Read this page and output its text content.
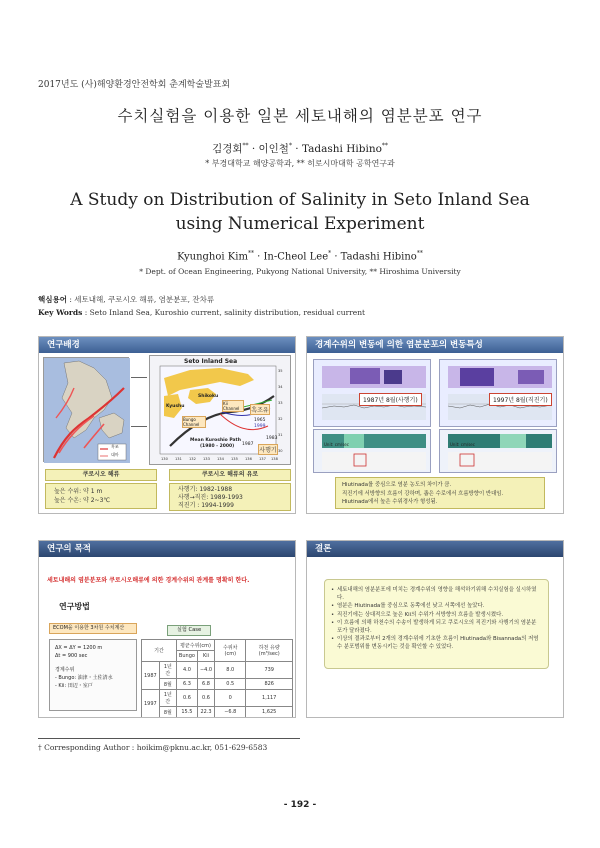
2017년도 (사)해양환경안전학회 춘계학술발표회
수치실험을 이용한 일본 세토내해의 염분분포 연구
김경회** · 이인철* · Tadashi Hibino**
* 부경대학교 해양공학과, ** 히로시마대학 공학연구과
A Study on Distribution of Salinity in Seto Inland Sea
using Numerical Experiment
Kyunghoi Kim** · In-Cheol Lee* · Tadashi Hibino**
* Dept. of Ocean Engineering, Pukyong National University, ** Hiroshima University
핵심용어 : 세토내해, 쿠로시오 해류, 염분분포, 잔차류
Key Words : Seto Inland Sea, Kuroshio current, salinity distribution, residual current
연구배경
흑조
대마
Seto Inland Sea
130 131 132 133 134 135 136 137 138
35
34
33
32
31
30
Shikoku
Kyushu
Bungo Channel
Kii Channel
Mean Kuroshio Path
(1980 - 2000)
1965
1999
1987
1983
흑조유
사행기
쿠로시오 해류
높은 수위: 약 1 m
높은 수온: 약 2~3℃
쿠로시오 해류의 유로
사행기: 1982-1988
사행→직진: 1989-1993
직진기 : 1994-1999
경계수위의 변동에 의한 염분분포의 변동특성
1987년 8월(사행기)	1997년 8월(직진기)
Unit: cm/sec	Unit: cm/sec
Hiutinada를 중심으로 염분 농도의 차이가 큼.
직진기에 서방향의 흐름이 강하며, 좁은 수로에서 흐름방향이 반대임.
Hiutinada에서 높은 수위경사가 형성됨.
연구의 목적
세토내해의 염분분포와 쿠로시오해류에 의한 경계수위의 관계를 명확히 한다.
연구방법
ECOM을 이용한 3차원 수치계산
ΔX = ΔY = 1200 m
Δt = 900 sec
경계수위
- Bungo: 油津・土佐清水
- Kii: 田辺・室戸
실험 Case
기간		평균수위(cm)		수위차 (cm)	하천 유량 (m³/sec)
		Bungo	Kii		
1987	1년간	4.0	−4.0	8.0	739
	8월	6.3	6.8	0.5	826
1997	1년간	0.6	0.6	0	1,117
	8월	15.5	22.3	−6.8	1,625
결론
• 세토내해의 염분분포에 미치는 경계수위의 영향을 해석하기위해 수치실험을 실시하였다.
• 염분은 Hiutinada를 중심으로 동쪽에선 낮고 서쪽에선 높았다.
• 직진기에는 상대적으로 높은 Kii의 수위가 서방향의 흐름을 발생시켰다.
• 이 흐름에 의해 하천수의 수송이 발생하게 되고 쿠로시오의 직진기와 사행기의 염분분포가 달라졌다.
• 이상의 결과로부터 2개의 경계수위에 기초한 흐름이 Hiutinada와 Bisannada의 저염수 분포범위를 변동시키는 것을 확인할 수 있었다.
† Corresponding Author : hoikim@pknu.ac.kr, 051-629-6583
- 192 -
